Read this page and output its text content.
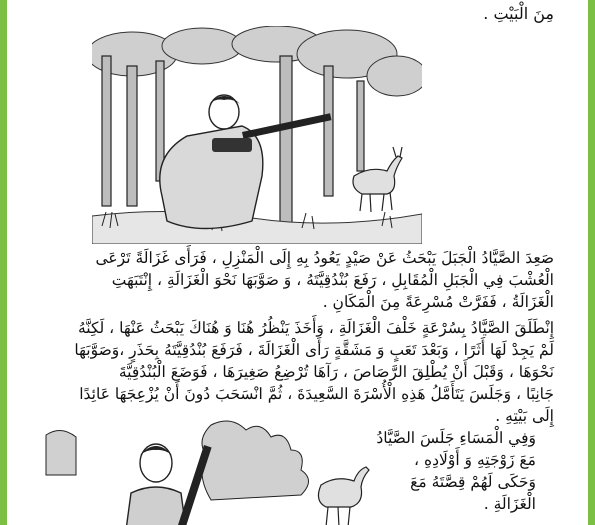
مِنَ الْبَيْتِ .
صَعِدَ الصَّيَّادُ الْجَبَلَ يَبْحَثُ عَنْ صَيْدٍ يَعُودُ بِهِ إِلَى الْمَنْزِلِ ، فَرَأَى غَزَالَةً تَرْعَى
الْعُشْبَ فِي الْجَبَلِ الْمُقَابِلِ ، رَفَعَ بُنْدُقِيَّتَهُ ، وَ صَوَّبَهَا نَحْوَ الْغَزَالَةِ ، إِنْتَبَهَتِ
الْغَزَالَةُ ، فَفَرَّتْ مُسْرِعَةً مِنَ الْمَكَانِ .
إِنْطَلَقَ الصَّيَّادُ بِسُرْعَةٍ خَلْفَ الْغَزَالَةِ ، وَأَخَذَ يَنْظُرُ هُنَا وَ هُنَاكَ يَبْحَثُ عَنْهَا ، لَكِنَّهُ
لَمْ يَجِدْ لَهَا أَثَرًا ، وَبَعْدَ تَعَبٍ وَ مَشَقَّةٍ رَأَى الْغَزَالَةَ ، فَرَفَعَ بُنْدُقِيَّتَهُ بِحَذَرٍ ،وَصَوَّبَهَا
نَحْوَهَا ، وَقَبْلَ أَنْ يُطْلِقَ الرَّصَاصَ ، رَآهَا تُرْضِعُ صَغِيرَهَا ، فَوَضَعَ الْبُنْدُقِيَّةَ
جَانِبًا ، وَجَلَسَ يَتَأَمَّلُ هَذِهِ الْأُسْرَةَ السَّعِيدَةَ ، ثُمَّ انْسَحَبَ دُونَ أَنْ يُزْعِجَهَا عَائِدًا
إِلَى بَيْتِهِ .
وَفِي الْمَسَاءِ جَلَسَ الصَّيَّادُ
مَعَ زَوْجَتِهِ وَ أَوْلَادِهِ ،
وَحَكَى لَهُمْ قِصَّتَهُ مَعَ
الْغَزَالَةِ .
